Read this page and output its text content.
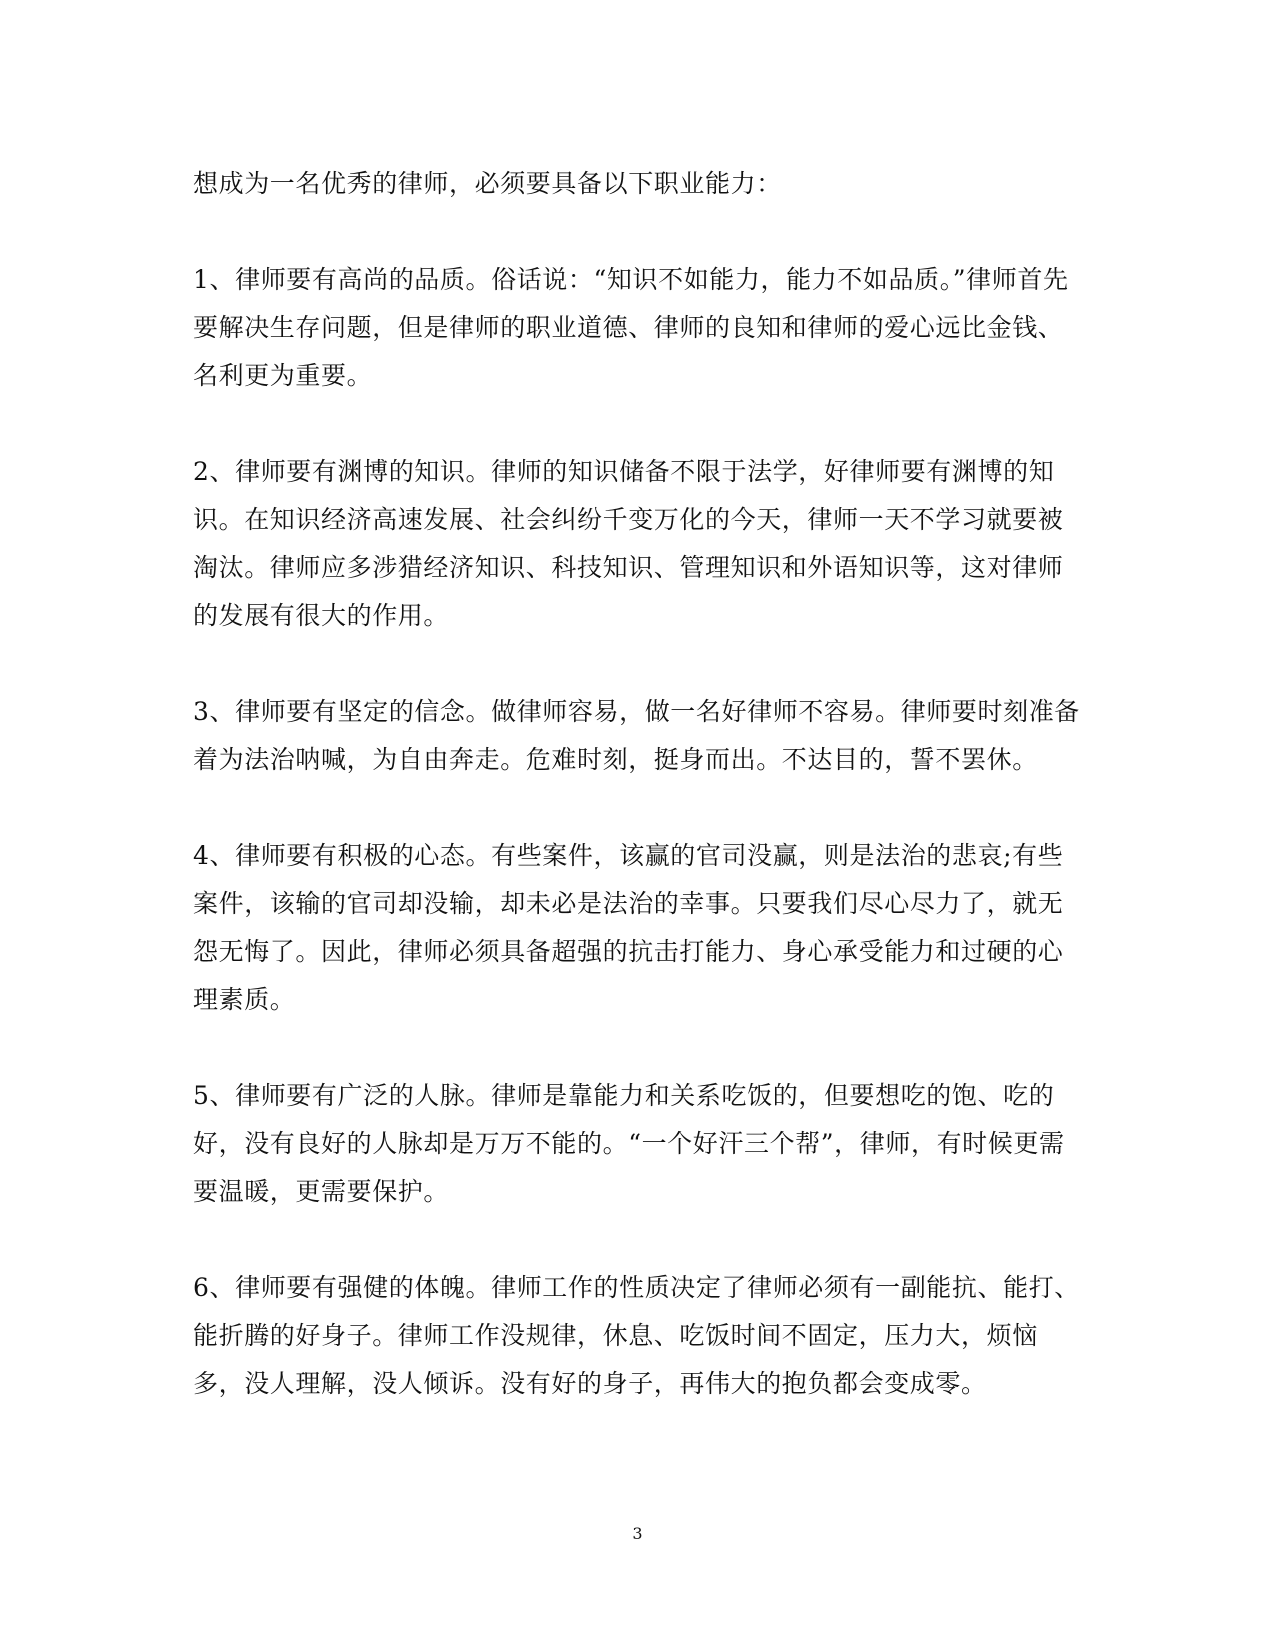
想成为一名优秀的律师，必须要具备以下职业能力：

1、律师要有高尚的品质。俗话说：“知识不如能力，能力不如品质。”律师首先要解决生存问题，但是律师的职业道德、律师的良知和律师的爱心远比金钱、名利更为重要。

2、律师要有渊博的知识。律师的知识储备不限于法学，好律师要有渊博的知识。在知识经济高速发展、社会纠纷千变万化的今天，律师一天不学习就要被淘汰。律师应多涉猎经济知识、科技知识、管理知识和外语知识等，这对律师的发展有很大的作用。

3、律师要有坚定的信念。做律师容易，做一名好律师不容易。律师要时刻准备着为法治呐喊，为自由奔走。危难时刻，挺身而出。不达目的，誓不罢休。

4、律师要有积极的心态。有些案件，该赢的官司没赢，则是法治的悲哀;有些案件，该输的官司却没输，却未必是法治的幸事。只要我们尽心尽力了，就无怨无悔了。因此，律师必须具备超强的抗击打能力、身心承受能力和过硬的心理素质。

5、律师要有广泛的人脉。律师是靠能力和关系吃饭的，但要想吃的饱、吃的好，没有良好的人脉却是万万不能的。“一个好汗三个帮”，律师，有时候更需要温暖，更需要保护。

6、律师要有强健的体魄。律师工作的性质决定了律师必须有一副能抗、能打、能折腾的好身子。律师工作没规律，休息、吃饭时间不固定，压力大，烦恼多，没人理解，没人倾诉。没有好的身子，再伟大的抱负都会变成零。

3
